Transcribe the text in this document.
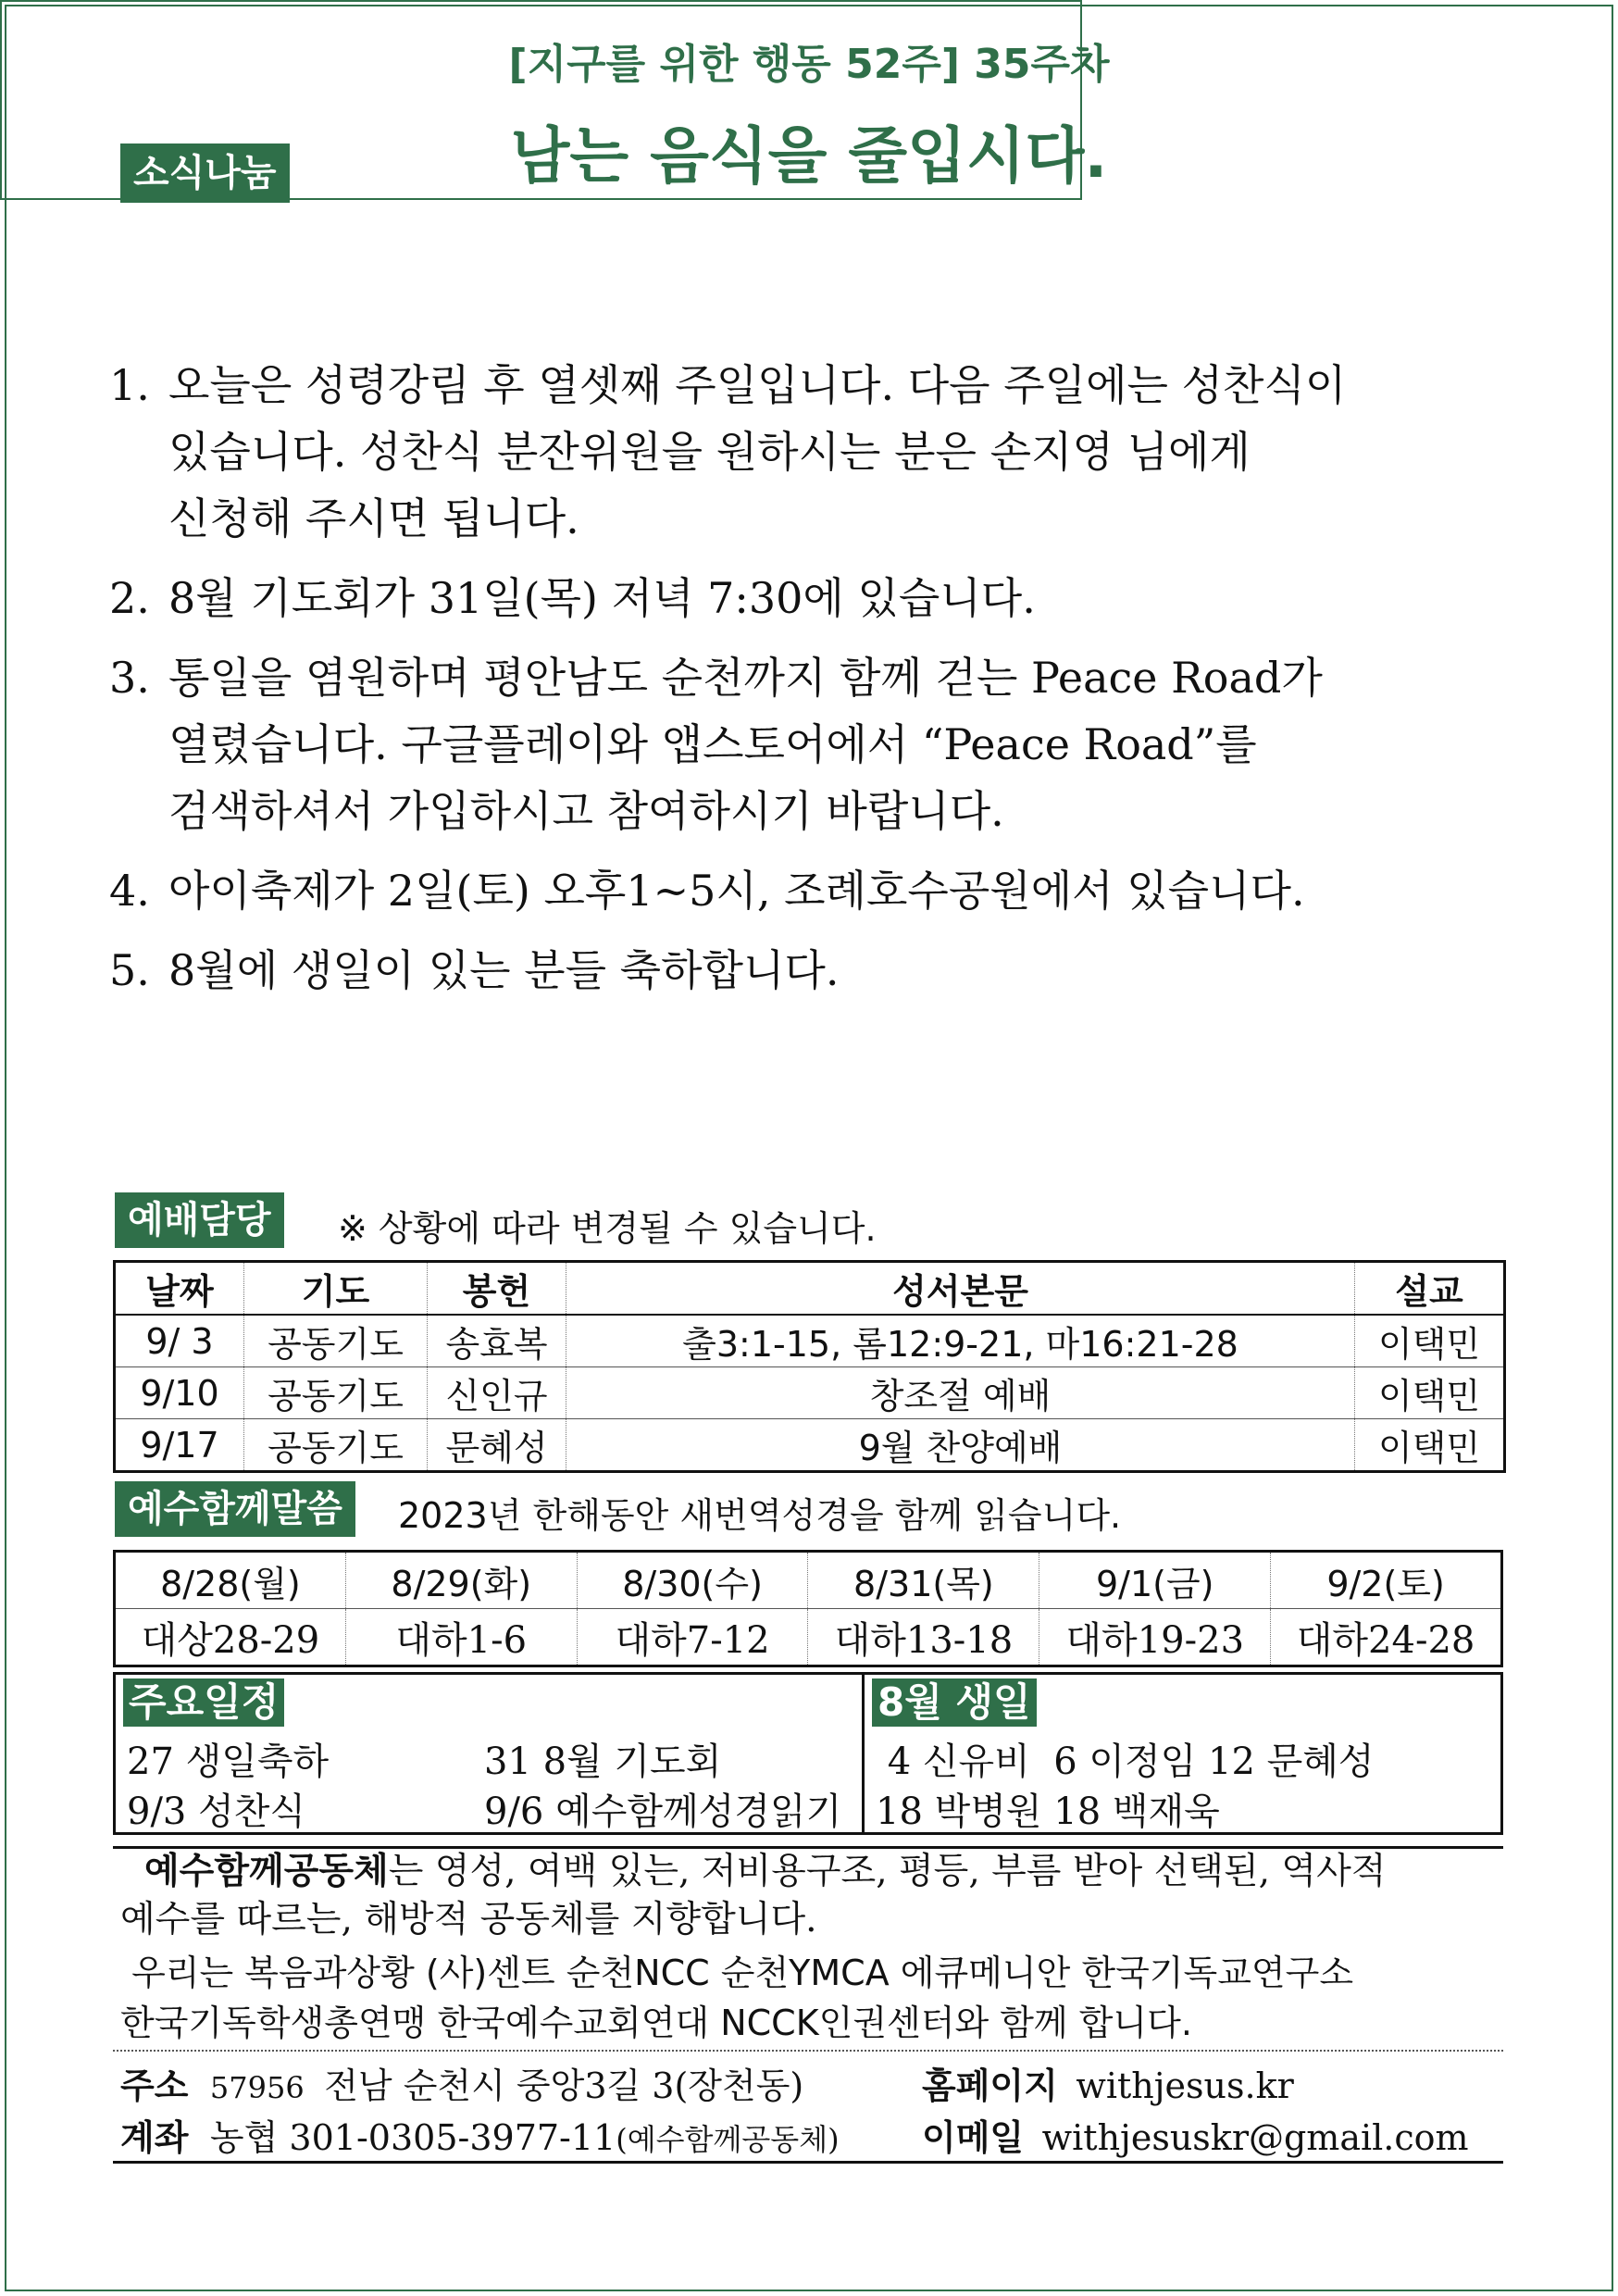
소식나눔
[지구를 위한 행동 52주] 35주차
남는 음식을 줄입시다.
1. 오늘은 성령강림 후 열셋째 주일입니다. 다음 주일에는 성찬식이
있습니다. 성찬식 분잔위원을 원하시는 분은 손지영 님에게
신청해 주시면 됩니다.
2. 8월 기도회가 31일(목) 저녁 7:30에 있습니다.
3. 통일을 염원하며 평안남도 순천까지 함께 걷는 Peace Road가
열렸습니다. 구글플레이와 앱스토어에서 “Peace Road”를
검색하셔서 가입하시고 참여하시기 바랍니다.
4. 아이축제가 2일(토) 오후1~5시, 조례호수공원에서 있습니다.
5. 8월에 생일이 있는 분들 축하합니다.
예배담당	※ 상황에 따라 변경될 수 있습니다.
날짜	기도	봉헌	성서본문	설교
9/ 3	공동기도	송효복	출3:1-15, 롬12:9-21, 마16:21-28	이택민
9/10	공동기도	신인규	창조절 예배	이택민
9/17	공동기도	문혜성	9월 찬양예배	이택민
예수함께말씀	2023년 한해동안 새번역성경을 함께 읽습니다.
8/28(월)	8/29(화)	8/30(수)	8/31(목)	9/1(금)	9/2(토)
대상28-29	대하1-6	대하7-12	대하13-18	대하19-23	대하24-28
주요일정
27 생일축하	31 8월 기도회
9/3 성찬식	9/6 예수함께성경읽기
8월 생일
4 신유비  6 이정임 12 문혜성
18 박병원 18 백재욱
예수함께공동체는 영성, 여백 있는, 저비용구조, 평등, 부름 받아 선택된, 역사적
예수를 따르는, 해방적 공동체를 지향합니다.
우리는 복음과상황 (사)센트 순천NCC 순천YMCA 에큐메니안 한국기독교연구소
한국기독학생총연맹 한국예수교회연대 NCCK인권센터와 함께 합니다.
주소 57956 전남 순천시 중앙3길 3(장천동)	홈페이지 withjesus.kr
계좌 농협 301-0305-3977-11(예수함께공동체) 이메일 withjesuskr@gmail.com
